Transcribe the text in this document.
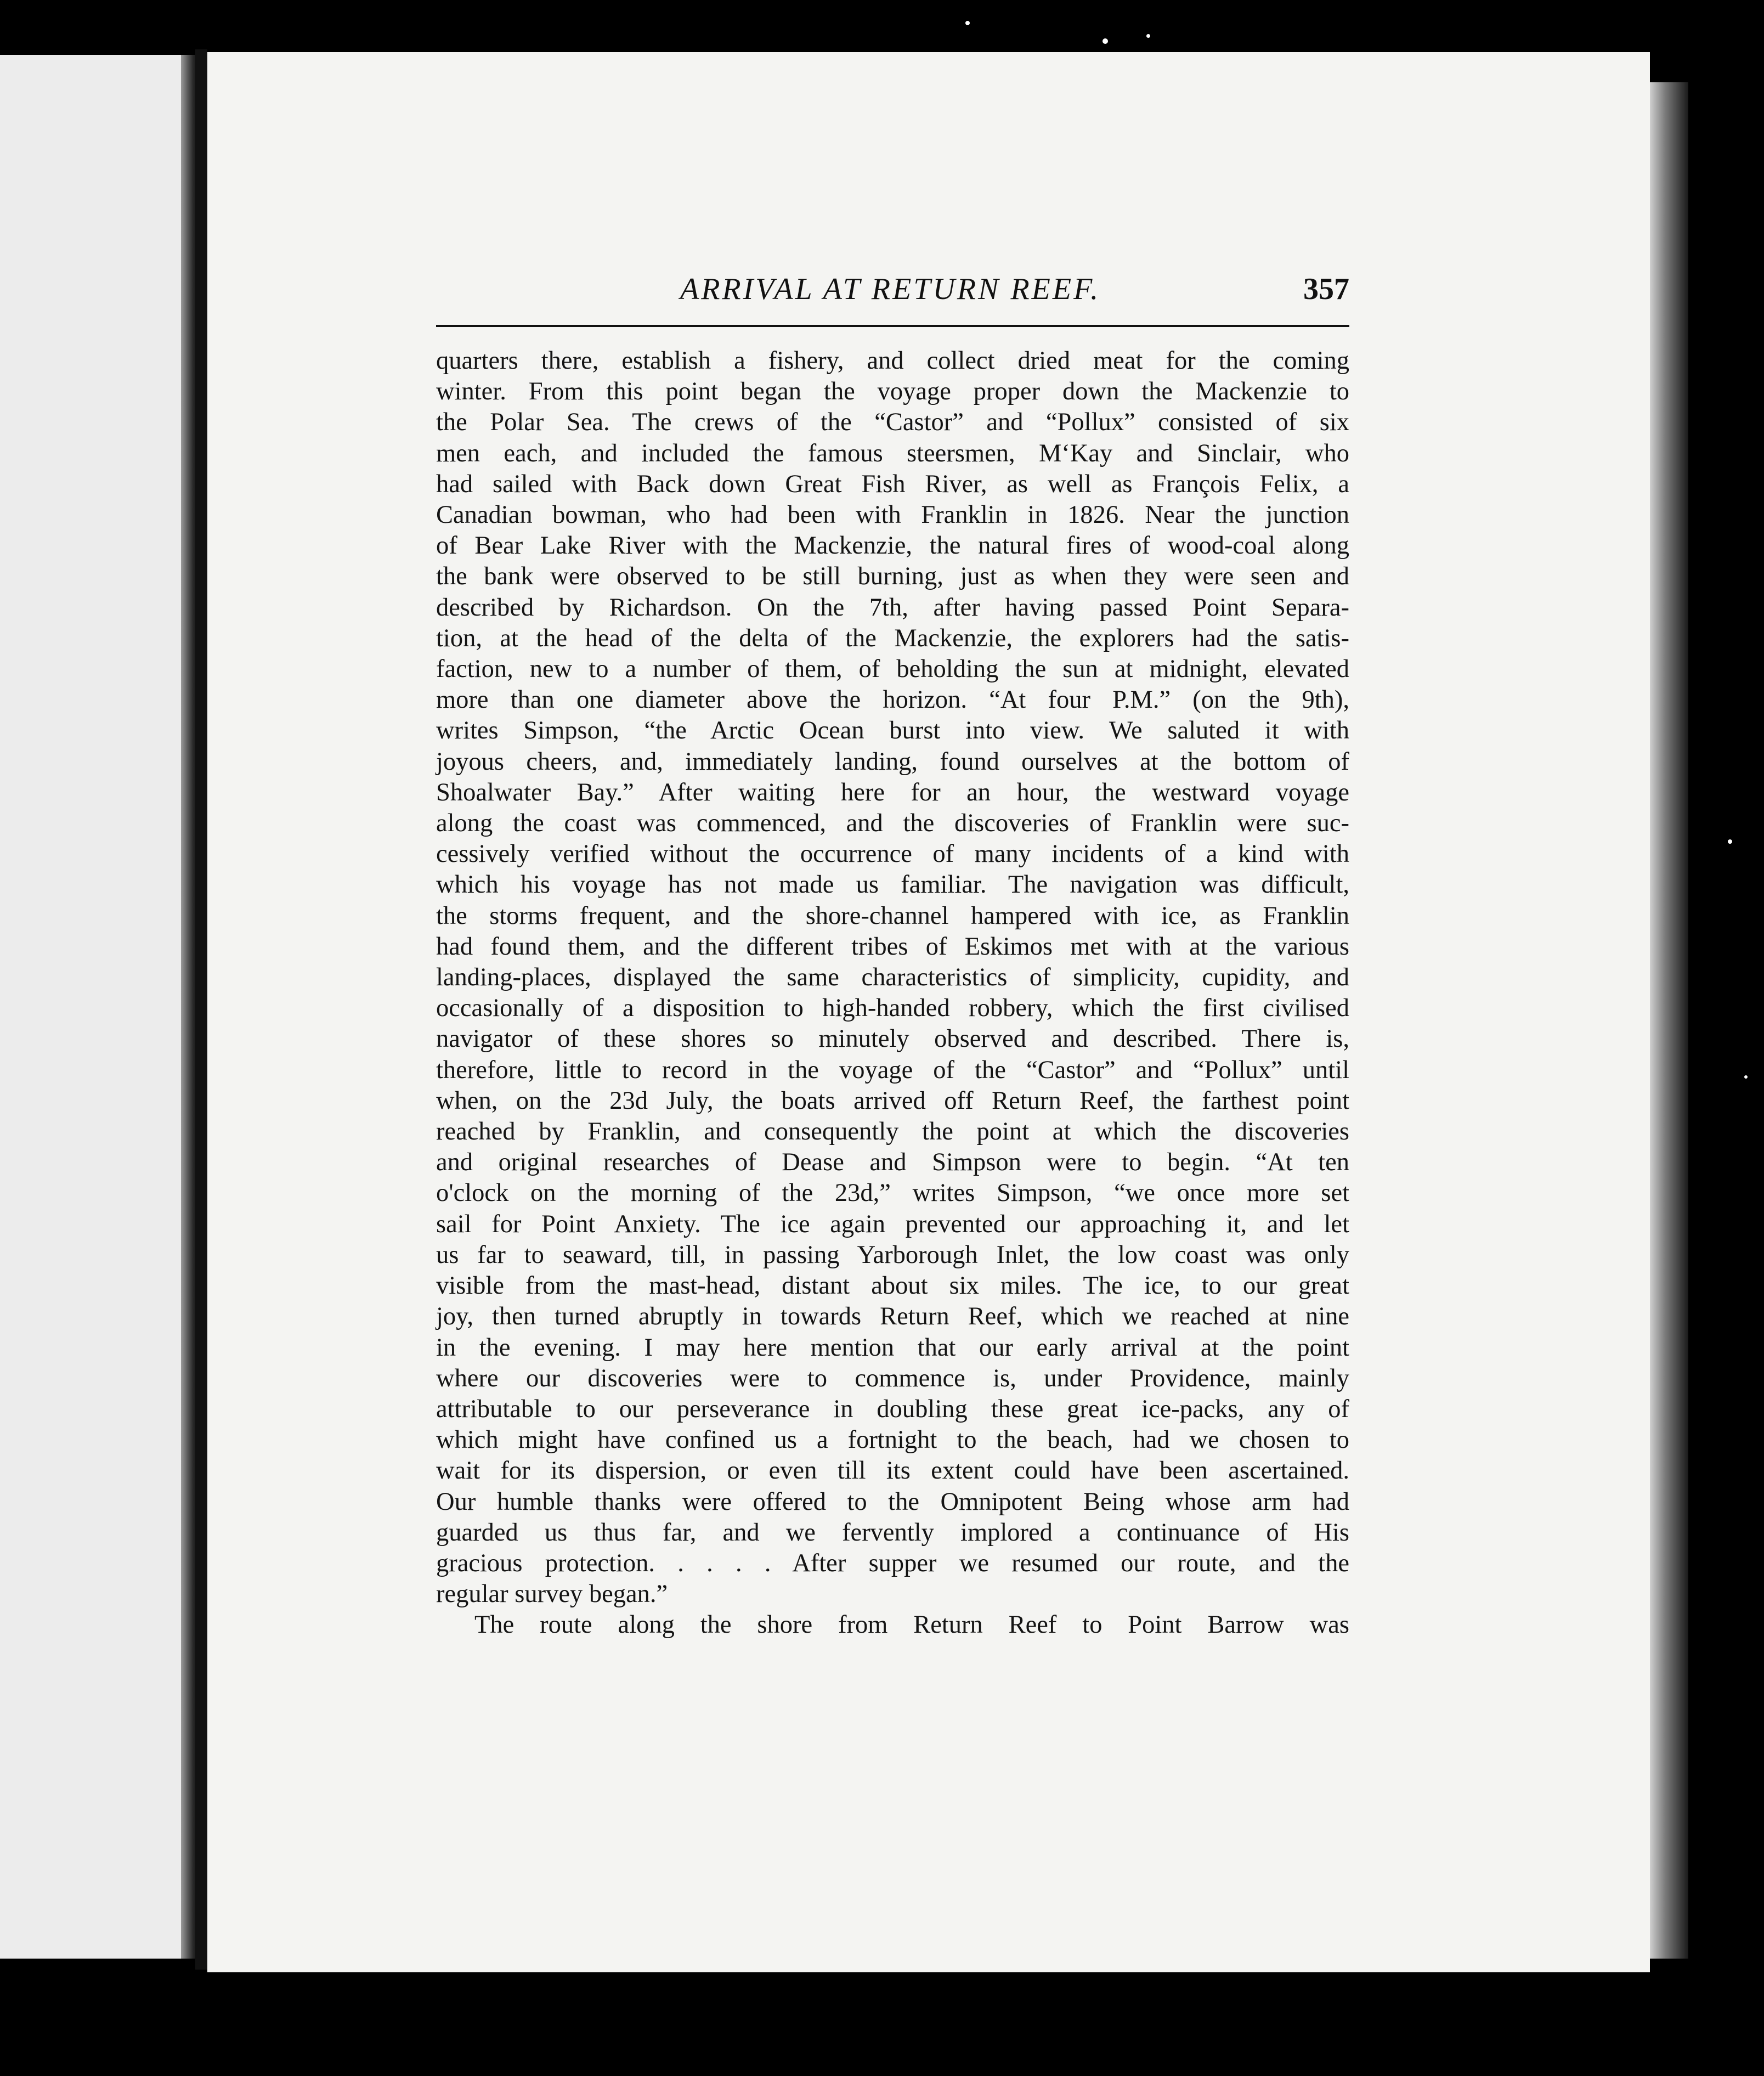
ARRIVAL AT RETURN REEF.	357
quarters there, establish a fishery, and collect dried meat for the coming
winter. From this point began the voyage proper down the Mackenzie to
the Polar Sea. The crews of the “Castor” and “Pollux” consisted of six
men each, and included the famous steersmen, M‘Kay and Sinclair, who
had sailed with Back down Great Fish River, as well as François Felix, a
Canadian bowman, who had been with Franklin in 1826. Near the junction
of Bear Lake River with the Mackenzie, the natural fires of wood-coal along
the bank were observed to be still burning, just as when they were seen and
described by Richardson. On the 7th, after having passed Point Separa-
tion, at the head of the delta of the Mackenzie, the explorers had the satis-
faction, new to a number of them, of beholding the sun at midnight, elevated
more than one diameter above the horizon. “At four P.M.” (on the 9th),
writes Simpson, “the Arctic Ocean burst into view. We saluted it with
joyous cheers, and, immediately landing, found ourselves at the bottom of
Shoalwater Bay.” After waiting here for an hour, the westward voyage
along the coast was commenced, and the discoveries of Franklin were suc-
cessively verified without the occurrence of many incidents of a kind with
which his voyage has not made us familiar. The navigation was difficult,
the storms frequent, and the shore-channel hampered with ice, as Franklin
had found them, and the different tribes of Eskimos met with at the various
landing-places, displayed the same characteristics of simplicity, cupidity, and
occasionally of a disposition to high-handed robbery, which the first civilised
navigator of these shores so minutely observed and described. There is,
therefore, little to record in the voyage of the “Castor” and “Pollux” until
when, on the 23d July, the boats arrived off Return Reef, the farthest point
reached by Franklin, and consequently the point at which the discoveries
and original researches of Dease and Simpson were to begin. “At ten
o'clock on the morning of the 23d,” writes Simpson, “we once more set
sail for Point Anxiety. The ice again prevented our approaching it, and let
us far to seaward, till, in passing Yarborough Inlet, the low coast was only
visible from the mast-head, distant about six miles. The ice, to our great
joy, then turned abruptly in towards Return Reef, which we reached at nine
in the evening. I may here mention that our early arrival at the point
where our discoveries were to commence is, under Providence, mainly
attributable to our perseverance in doubling these great ice-packs, any of
which might have confined us a fortnight to the beach, had we chosen to
wait for its dispersion, or even till its extent could have been ascertained.
Our humble thanks were offered to the Omnipotent Being whose arm had
guarded us thus far, and we fervently implored a continuance of His
gracious protection. . . . . After supper we resumed our route, and the
regular survey began.”
The route along the shore from Return Reef to Point Barrow was
